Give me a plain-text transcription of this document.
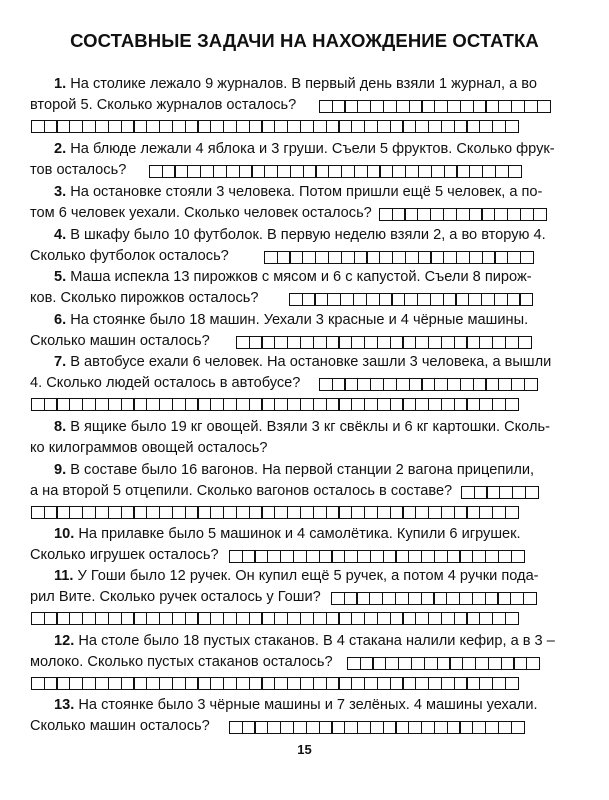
СОСТАВНЫЕ ЗАДАЧИ НА НАХОЖДЕНИЕ ОСТАТКА
1. На столике лежало 9 журналов. В первый день взяли 1 журнал, а во
второй 5. Сколько журналов осталось?
2. На блюде лежали 4 яблока и 3 груши. Съели 5 фруктов. Сколько фрук-
тов осталось?
3. На остановке стояли 3 человека. Потом пришли ещё 5 человек, а по-
том 6 человек уехали. Сколько человек осталось?
4. В шкафу было 10 футболок. В первую неделю взяли 2, а во вторую 4.
Сколько футболок осталось?
5. Маша испекла 13 пирожков с мясом и 6 с капустой. Съели 8 пирож-
ков. Сколько пирожков осталось?
6. На стоянке было 18 машин. Уехали 3 красные и 4 чёрные машины.
Сколько машин осталось?
7. В автобусе ехали 6 человек. На остановке зашли 3 человека, а вышли
4. Сколько людей осталось в автобусе?
8. В ящике было 19 кг овощей. Взяли 3 кг свёклы и 6 кг картошки. Сколь-
ко килограммов овощей осталось?
9. В составе было 16 вагонов. На первой станции 2 вагона прицепили,
а на второй 5 отцепили. Сколько вагонов осталось в составе?
10. На прилавке было 5 машинок и 4 самолётика. Купили 6 игрушек.
Сколько игрушек осталось?
11. У Гоши было 12 ручек. Он купил ещё 5 ручек, а потом 4 ручки пода-
рил Вите. Сколько ручек осталось у Гоши?
12. На столе было 18 пустых стаканов. В 4 стакана налили кефир, а в 3 –
молоко. Сколько пустых стаканов осталось?
13. На стоянке было 3 чёрные машины и 7 зелёных. 4 машины уехали.
Сколько машин осталось?
15
